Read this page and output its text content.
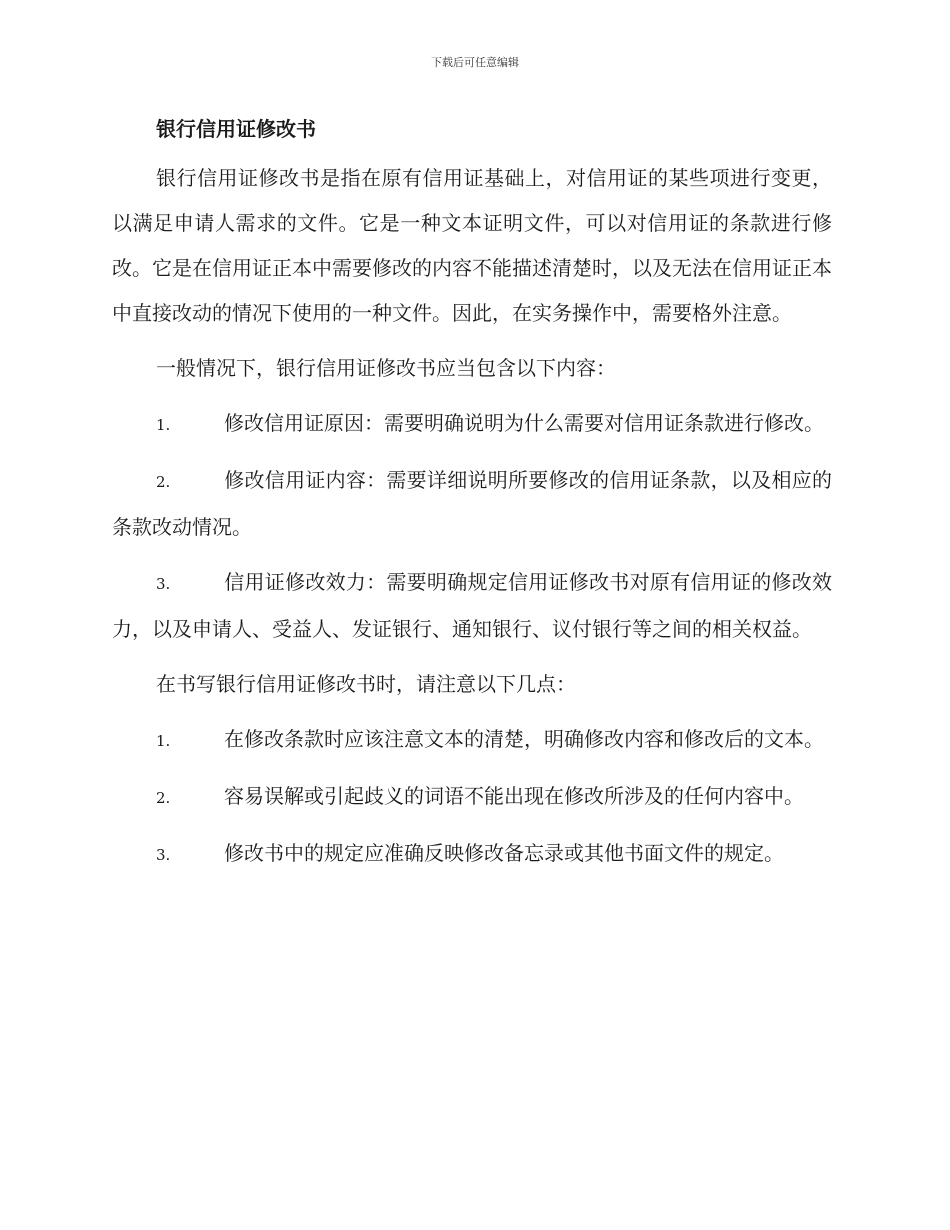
下载后可任意编辑
银行信用证修改书

银行信用证修改书是指在原有信用证基础上，对信用证的某些项进行变更，以满足申请人需求的文件。它是一种文本证明文件，可以对信用证的条款进行修改。它是在信用证正本中需要修改的内容不能描述清楚时，以及无法在信用证正本中直接改动的情况下使用的一种文件。因此，在实务操作中，需要格外注意。

一般情况下，银行信用证修改书应当包含以下内容：

1.	修改信用证原因：需要明确说明为什么需要对信用证条款进行修改。

2.	修改信用证内容：需要详细说明所要修改的信用证条款，以及相应的条款改动情况。

3.	信用证修改效力：需要明确规定信用证修改书对原有信用证的修改效力，以及申请人、受益人、发证银行、通知银行、议付银行等之间的相关权益。

在书写银行信用证修改书时，请注意以下几点：

1.	在修改条款时应该注意文本的清楚，明确修改内容和修改后的文本。

2.	容易误解或引起歧义的词语不能出现在修改所涉及的任何内容中。

3.	修改书中的规定应准确反映修改备忘录或其他书面文件的规定。
